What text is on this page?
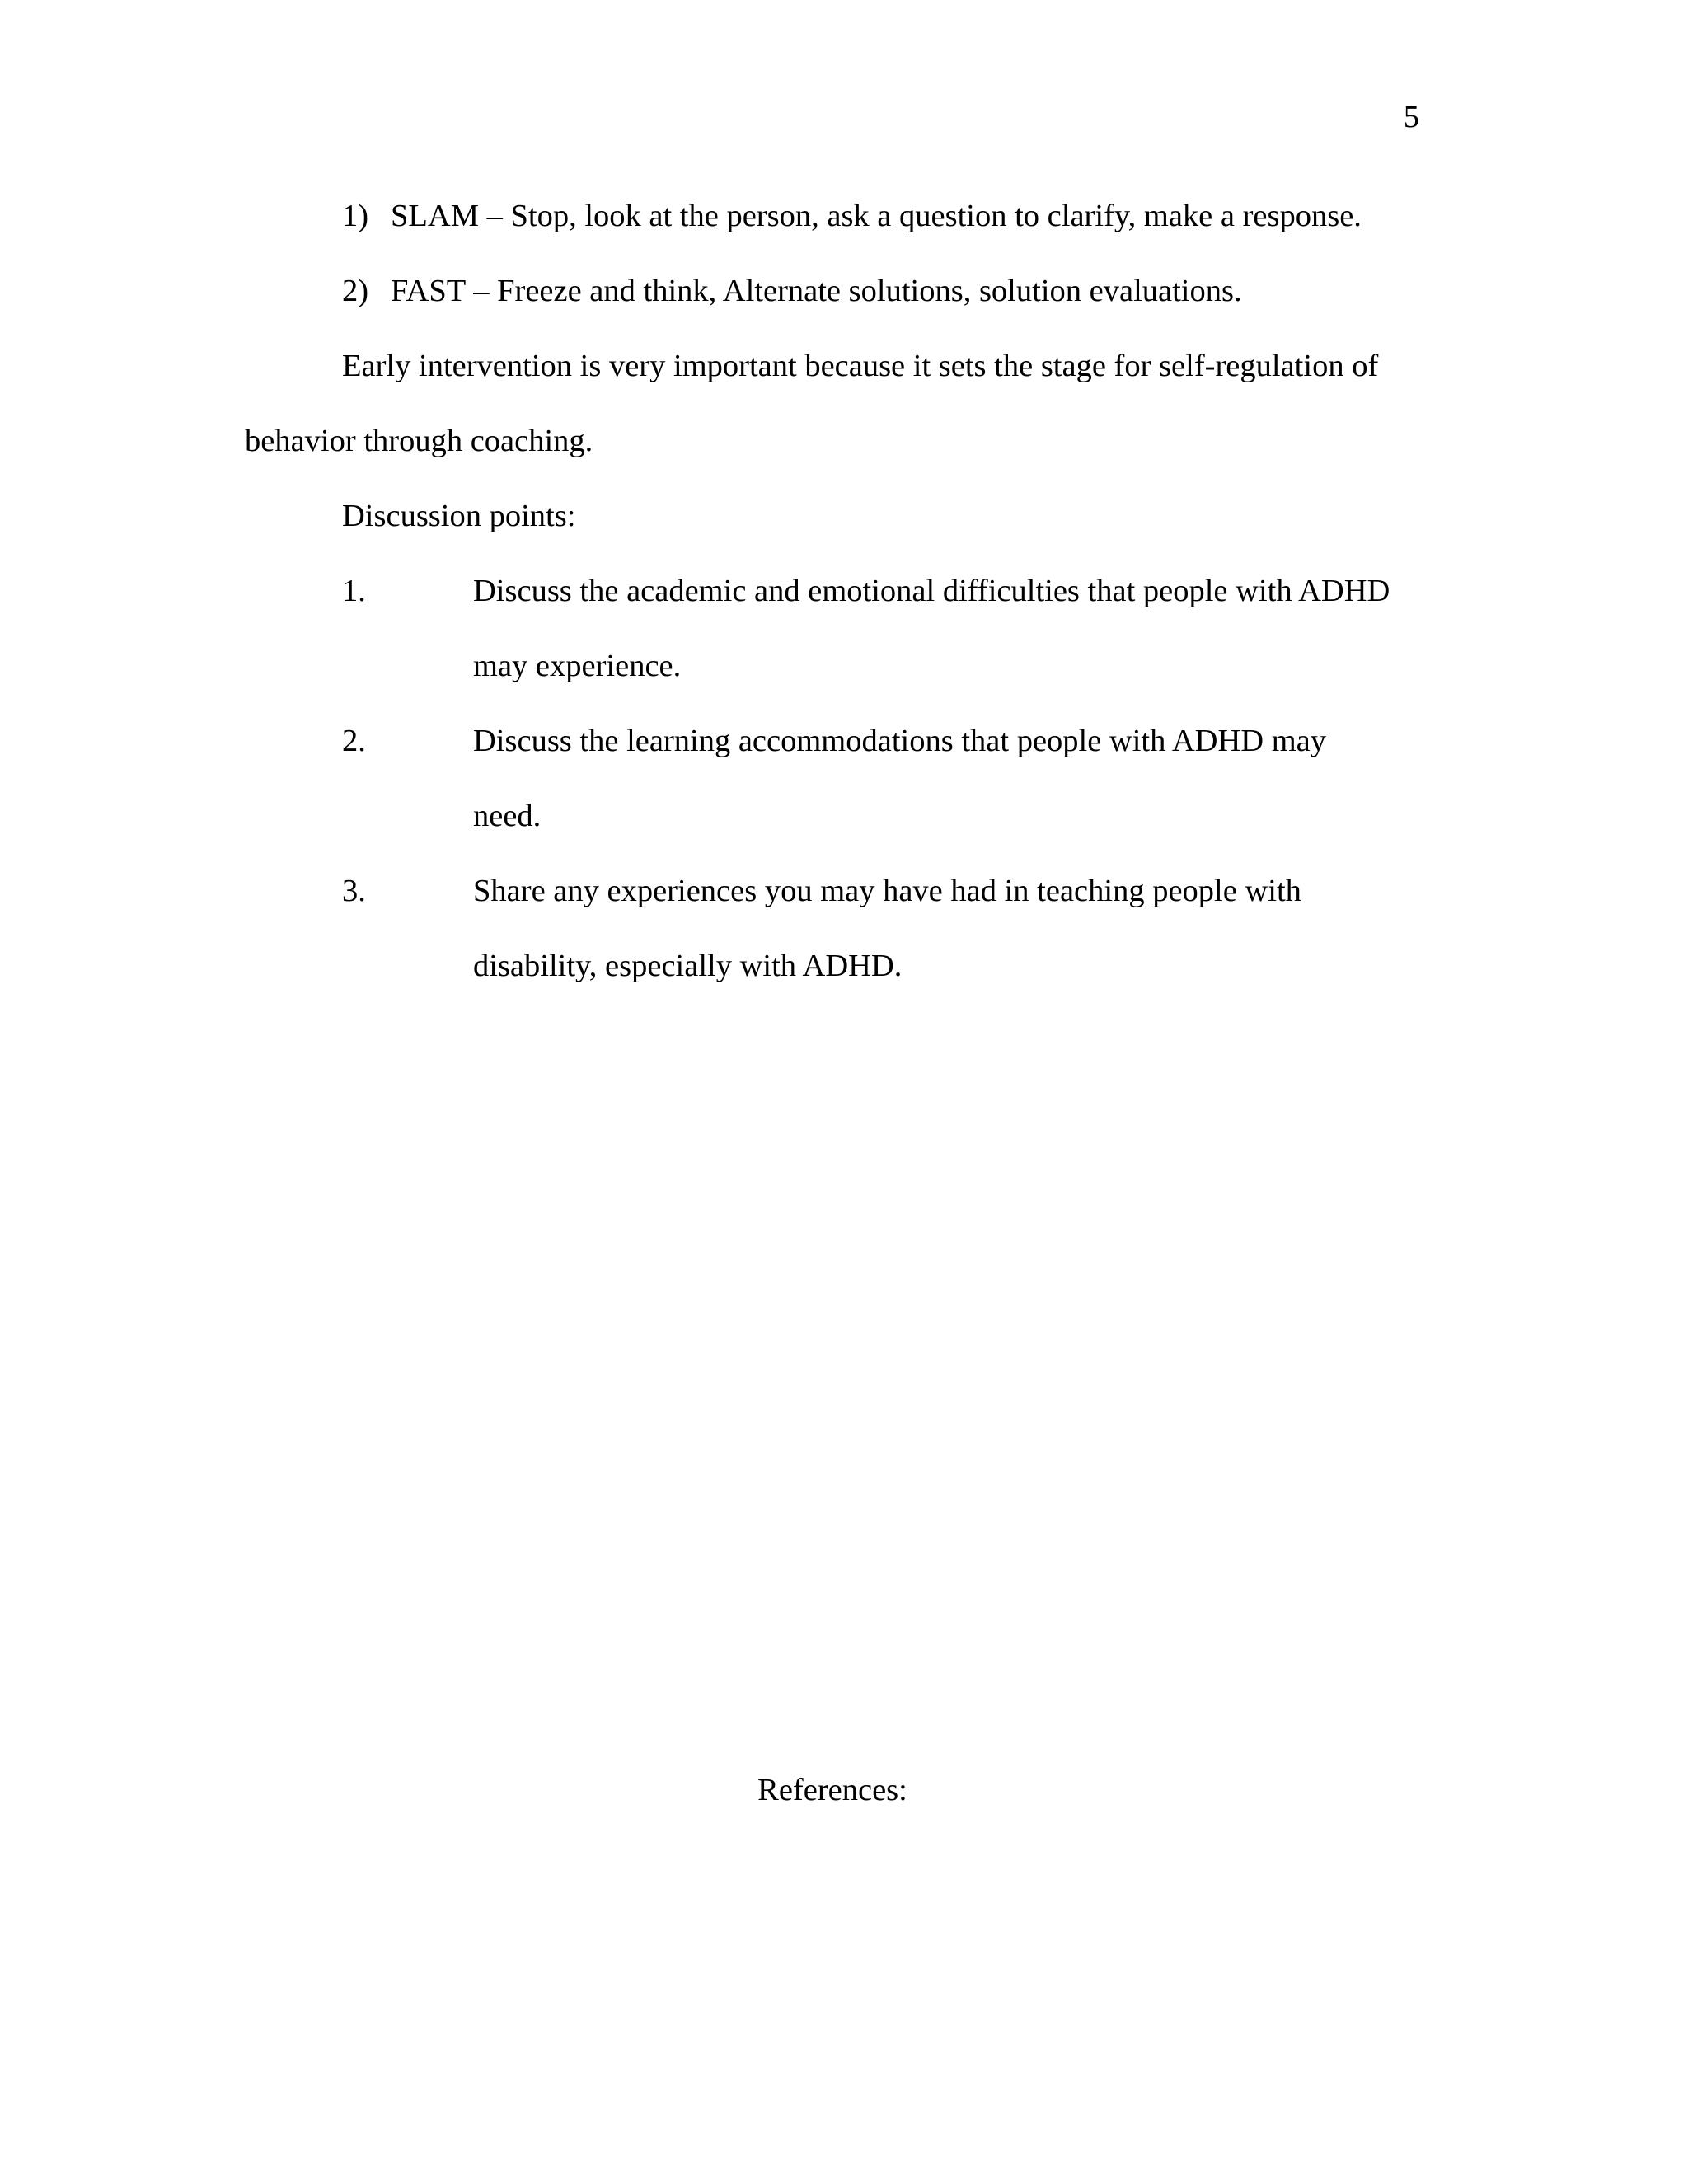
5
1) SLAM – Stop, look at the person, ask a question to clarify, make a response.
2) FAST – Freeze and think, Alternate solutions, solution evaluations.
Early intervention is very important because it sets the stage for self-regulation of
behavior through coaching.
Discussion points:
1.	Discuss the academic and emotional difficulties that people with ADHD
may experience.
2.	Discuss the learning accommodations that people with ADHD may
need.
3.	Share any experiences you may have had in teaching people with
disability, especially with ADHD.
References:
